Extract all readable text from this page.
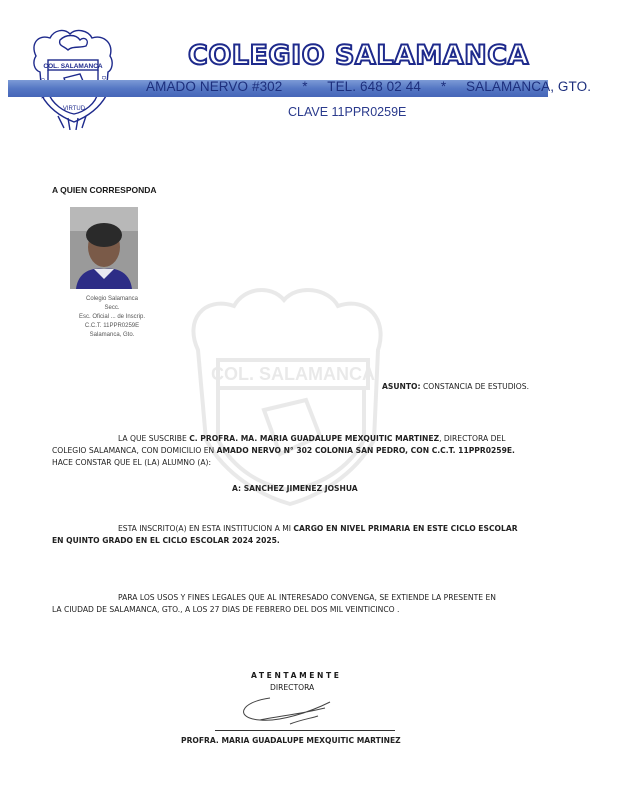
COL. SALAMANCA
VIRTUD
COLEGIO SALAMANCA
AMADO NERVO #302 * TEL. 648 02 44 * SALAMANCA, GTO.
CLAVE 11PPR0259E
A QUIEN CORRESPONDA
Colegio Salamanca
Secc.
Esc. Oficial ... de Inscrip.
C.C.T. 11PPR0259E
Salamanca, Gto.
COL. SALAMANCA
ASUNTO: CONSTANCIA DE ESTUDIOS.
LA QUE SUSCRIBE C. PROFRA. MA. MARIA GUADALUPE MEXQUITIC MARTINEZ, DIRECTORA DEL
COLEGIO SALAMANCA, CON DOMICILIO EN AMADO NERVO N° 302 COLONIA SAN PEDRO, CON C.C.T. 11PPR0259E.
HACE CONSTAR QUE EL (LA) ALUMNO (A):
A: SANCHEZ JIMENEZ JOSHUA
ESTA INSCRITO(A) EN ESTA INSTITUCION A MI CARGO EN NIVEL PRIMARIA EN ESTE CICLO ESCOLAR
EN QUINTO GRADO EN EL CICLO ESCOLAR 2024 2025.
PARA LOS USOS Y FINES LEGALES QUE AL INTERESADO CONVENGA, SE EXTIENDE LA PRESENTE EN
LA CIUDAD DE SALAMANCA, GTO., A LOS 27 DIAS DE FEBRERO DEL DOS MIL VEINTICINCO .
ATENTAMENTE
DIRECTORA
PROFRA. MARIA GUADALUPE MEXQUITIC MARTINEZ
